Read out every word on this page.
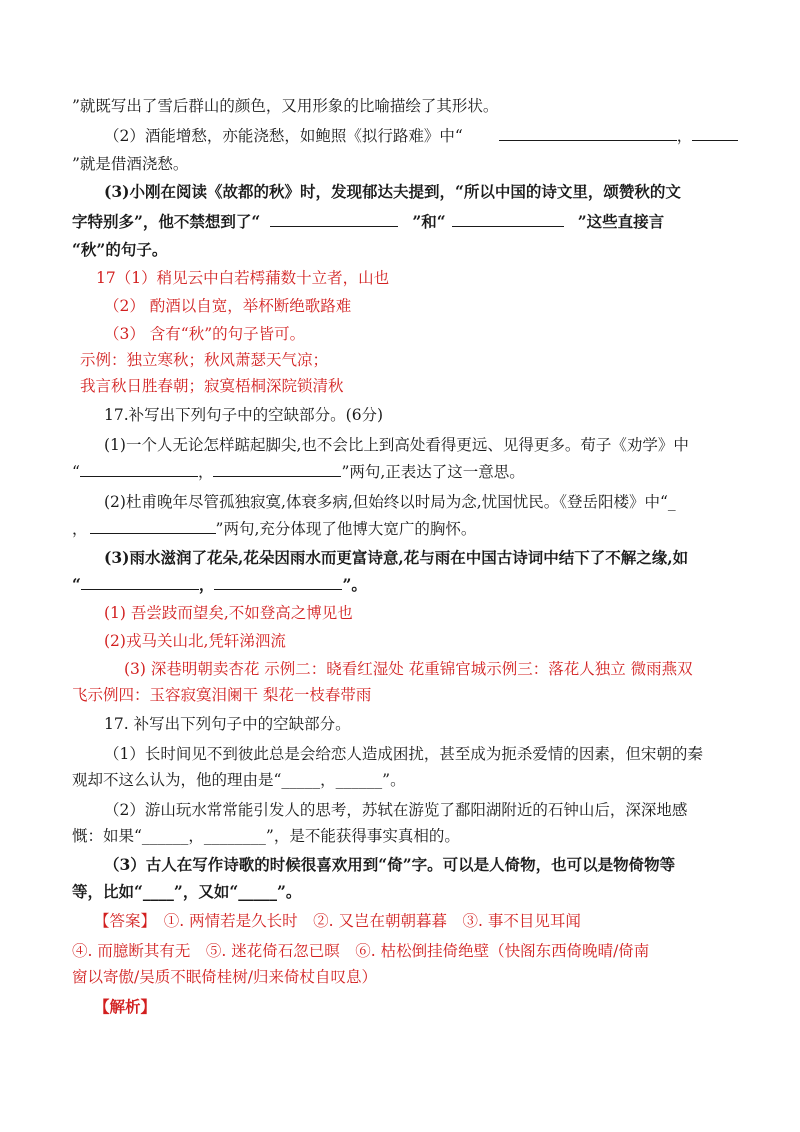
”就既写出了雪后群山的颜色，又用形象的比喻描绘了其形状。
（2）酒能增愁，亦能浇愁，如鲍照《拟行路难》中“	，
”就是借酒浇愁。
(3)小刚在阅读《故都的秋》时，发现郁达夫提到，“所以中国的诗文里，颂赞秋的文
字特别多”，他不禁想到了“	”和“	”这些直接言
“秋”的句子。
17（1）稍见云中白若樗蒱数十立者，山也
（2） 酌酒以自宽，举杯断绝歌路难
（3） 含有“秋”的句子皆可。
示例：独立寒秋；秋风萧瑟天气凉；
我言秋日胜春朝；寂寞梧桐深院锁清秋
17.补写出下列句子中的空缺部分。(6分)
(1)一个人无论怎样踮起脚尖,也不会比上到高处看得更远、见得更多。荀子《劝学》中
“	，	”两句,正表达了这一意思。
(2)杜甫晚年尽管孤独寂寞,体衰多病,但始终以时局为念,忧国忧民。《登岳阳楼》中“_
，	”两句,充分体现了他博大宽广的胸怀。
(3)雨水滋润了花朵,花朵因雨水而更富诗意,花与雨在中国古诗词中结下了不解之缘,如
“	，	”。
(1) 吾尝跂而望矣,不如登高之博见也
(2)戎马关山北,凭轩涕泗流
(3) 深巷明朝卖杏花 示例二：晓看红湿处 花重锦官城示例三：落花人独立 微雨燕双
飞示例四：玉容寂寞泪阑干 梨花一枝春带雨
17. 补写出下列句子中的空缺部分。
（1）长时间见不到彼此总是会给恋人造成困扰，甚至成为扼杀爱情的因素，但宋朝的秦
观却不这么认为，他的理由是“_____，______”。
（2）游山玩水常常能引发人的思考，苏轼在游览了鄱阳湖附近的石钟山后，深深地感
慨：如果“______，________”，是不能获得事实真相的。
（3）古人在写作诗歌的时候很喜欢用到“倚”字。可以是人倚物，也可以是物倚物等
等，比如“____”，又如“_____”。
【答案】　①. 两情若是久长时　②. 又岂在朝朝暮暮　③. 事不目见耳闻
④. 而臆断其有无　⑤. 迷花倚石忽已暝　⑥. 枯松倒挂倚绝壁（快阁东西倚晚晴/倚南
窗以寄傲/吴质不眠倚桂树/归来倚杖自叹息）
【解析】
